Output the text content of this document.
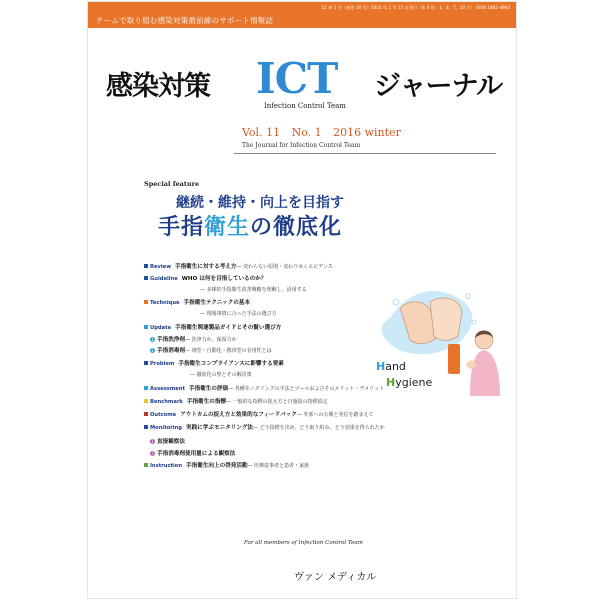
チームで取り組む感染対策最前線のサポート情報誌
11 巻 1 号（通巻 19 号）2016 年 1 月 15 日発行（年 4 回　1，4，7，10 月） ISSN 1881-4964
感染対策 ICT ジャーナル
Infection Control Team
Vol. 11 No. 1 2016 winter
The Journal for Infection Control Team
Special feature
継続・維持・向上を目指す
手指衛生の徹底化
Review 手指衛生に対する考え方— 変わらない原則・変わりゆくエビデンス
Guideline WHO は何を目指しているのか？
— 多様的手指衛生改善戦略を理解し、活用する
Technique 手指衛生テクニックの基本
— 現場事情に合った手法の選び方
Update 手指衛生関連製品ガイドとその賢い選び方
1 手指洗浄剤— 洗浄力か、保湿力か
2 手指消毒剤— 剤型・自動化・携帯型の有用性とは
Problem 手指衛生コンプライアンスに影響する要素
— 徹底化の壁とその解決策
Assessment 手指衛生の評価— 各種モニタリングの手法とツールおよびそのメリット・デメリット
Benchmark 手指衛生の指標— 一般的な指標の捉え方と自施設の指標設定
Outcome アウトカムの捉え方と効果的なフィードバック— 外部への公開と発信を踏まえて
Monitoring 実践に学ぶモニタリング法— どう指標を決め、どう取り組み、どう効果を得られたか
1 直接観察法
2 手指消毒剤使用量による観察法
Instruction 手指衛生向上の啓発活動— 医療従事者と患者・家族
Hand
Hygiene
For all members of Infection Control Team
ヴァン メディカル
